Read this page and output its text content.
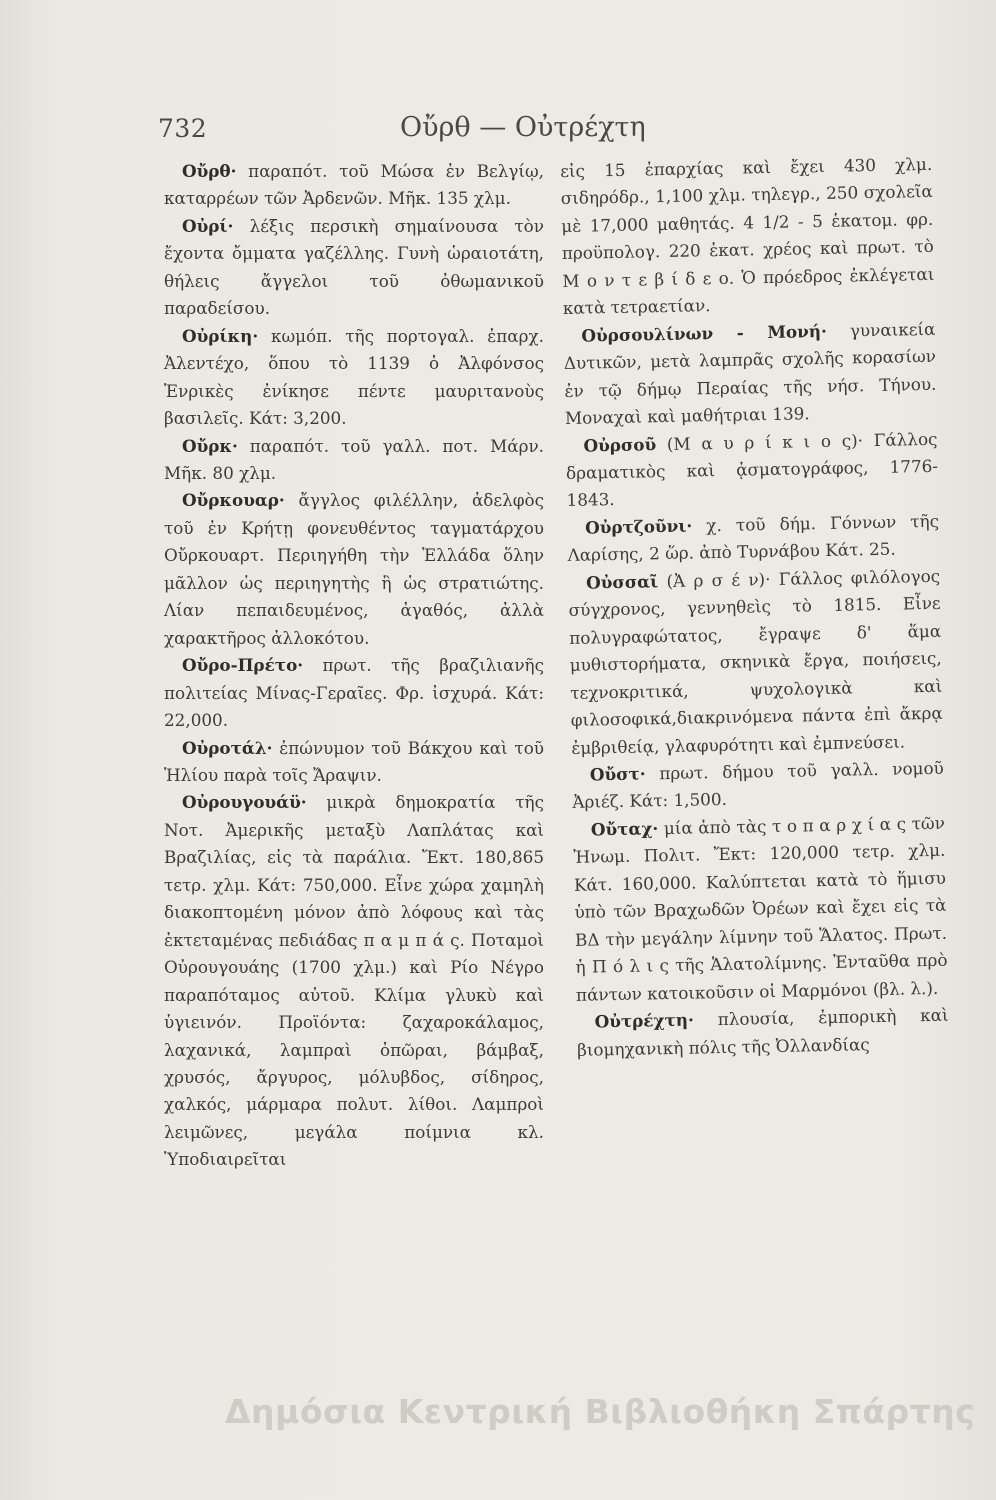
732	Οὔρθ — Οὐτρέχτη

Οὔρθ· παραπότ. τοῦ Μώσα ἐν Βελγίῳ, καταρρέων τῶν Ἀρδενῶν. Μῆκ. 135 χλμ.

Οὐρί· λέξις περσικὴ σημαίνουσα τὸν ἔχοντα ὄμματα γαζέλλης. Γυνὴ ὡραιοτάτη, θήλεις ἄγγελοι τοῦ ὀθωμανικοῦ παραδείσου.

Οὐρίκη· κωμόπ. τῆς πορτογαλ. ἐπαρχ. Ἀλεντέχο, ὅπου τὸ 1139 ὁ Ἀλφόνσος Ἑνρικὲς ἐνίκησε πέντε μαυριτανοὺς βασιλεῖς. Κάτ: 3,200.

Οὔρκ· παραπότ. τοῦ γαλλ. ποτ. Μάρν. Μῆκ. 80 χλμ.

Οὔρκουαρ· ἄγγλος φιλέλλην, ἀδελφὸς τοῦ ἐν Κρήτῃ φονευθέντος ταγματάρχου Οὔρκουαρτ. Περιηγήθη τὴν Ἑλλάδα ὅλην μᾶλλον ὡς περιηγητὴς ἢ ὡς στρατιώτης. Λίαν πεπαιδευμένος, ἀγαθός, ἀλλὰ χαρακτῆρος ἀλλοκότου.

Οὔρο-Πρέτο· πρωτ. τῆς βραζιλιανῆς πολιτείας Μίνας-Γεραῖες. Φρ. ἰσχυρά. Κάτ: 22,000.

Οὐροτάλ· ἐπώνυμον τοῦ Βάκχου καὶ τοῦ Ἡλίου παρὰ τοῖς Ἄραψιν.

Οὐρουγουάϋ· μικρὰ δημοκρατία τῆς Νοτ. Ἀμερικῆς μεταξὺ Λαπλάτας καὶ Βραζιλίας, εἰς τὰ παράλια. Ἔκτ. 180,865 τετρ. χλμ. Κάτ: 750,000. Εἶνε χώρα χαμηλὴ διακοπτομένη μόνον ἀπὸ λόφους καὶ τὰς ἐκτεταμένας πεδιάδας π α μ π ά ς. Ποταμοὶ Οὐρουγουάης (1700 χλμ.) καὶ Ρίο Νέγρο παραπόταμος αὐτοῦ. Κλίμα γλυκὺ καὶ ὑγιεινόν. Προϊόντα: ζαχαροκάλαμος, λαχανικά, λαμπραὶ ὀπῶραι, βάμβαξ, χρυσός, ἄργυρος, μόλυβδος, σίδηρος, χαλκός, μάρμαρα πολυτ. λίθοι. Λαμπροὶ λειμῶνες, μεγάλα ποίμνια κλ. Ὑποδιαιρεῖται

εἰς 15 ἐπαρχίας καὶ ἔχει 430 χλμ. σιδηρόδρ., 1,100 χλμ. τηλεγρ., 250 σχολεῖα μὲ 17,000 μαθητάς. 4 1/2 - 5 ἑκατομ. φρ. προϋπολογ. 220 ἑκατ. χρέος καὶ πρωτ. τὸ Μ ο ν τ ε β ί δ ε ο. Ὁ πρόεδρος ἐκλέγεται κατὰ τετραετίαν.

Οὐρσουλίνων - Μονή· γυναικεία Δυτικῶν, μετὰ λαμπρᾶς σχολῆς κορασίων ἐν τῷ δήμῳ Περαίας τῆς νήσ. Τήνου. Μοναχαὶ καὶ μαθήτριαι 139.

Οὐρσοῦ (Μ α υ ρ ί κ ι ο ς)· Γάλλος δραματικὸς καὶ ᾀσματογράφος, 1776-1843.

Οὐρτζοῦνι· χ. τοῦ δήμ. Γόννων τῆς Λαρίσης, 2 ὥρ. ἀπὸ Τυρνάβου Κάτ. 25.

Οὐσσαῖ (Ἀ ρ σ έ ν)· Γάλλος φιλόλογος σύγχρονος, γεννηθεὶς τὸ 1815. Εἶνε πολυγραφώτατος, ἔγραψε δ' ἅμα μυθιστορήματα, σκηνικὰ ἔργα, ποιήσεις, τεχνοκριτικά, ψυχολογικὰ καὶ φιλοσοφικά,διακρινόμενα πάντα ἐπὶ ἄκρᾳ ἐμβριθείᾳ, γλαφυρότητι καὶ ἐμπνεύσει.

Οὔστ· πρωτ. δήμου τοῦ γαλλ. νομοῦ Ἀριέζ. Κάτ: 1,500.

Οὔταχ· μία ἀπὸ τὰς τ ο π α ρ χ ί α ς τῶν Ἠνωμ. Πολιτ. Ἔκτ: 120,000 τετρ. χλμ. Κάτ. 160,000. Καλύπτεται κατὰ τὸ ἥμισυ ὑπὸ τῶν Βραχωδῶν Ὀρέων καὶ ἔχει εἰς τὰ ΒΔ τὴν μεγάλην λίμνην τοῦ Ἅλατος. Πρωτ. ἡ Π ό λ ι ς τῆς Ἁλατολίμνης. Ἐνταῦθα πρὸ πάντων κατοικοῦσιν οἱ Μαρμόνοι (βλ. λ.).

Οὐτρέχτη· πλουσία, ἐμπορικὴ καὶ βιομηχανικὴ πόλις τῆς Ὀλλανδίας

Δημόσια Κεντρική Βιβλιοθήκη Σπάρτης
